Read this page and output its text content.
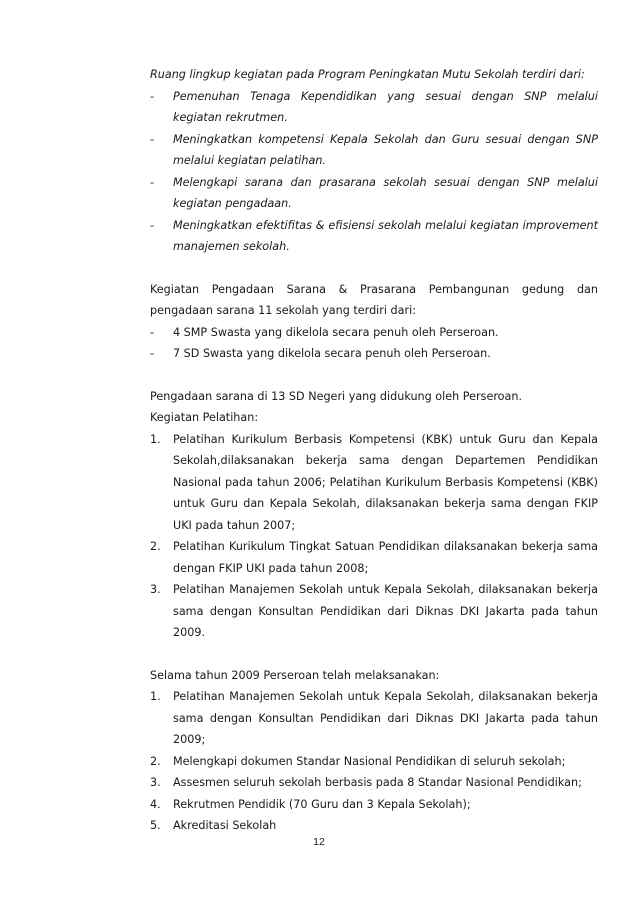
Ruang lingkup kegiatan pada Program Peningkatan Mutu Sekolah terdiri dari:

- Pemenuhan Tenaga Kependidikan yang sesuai dengan SNP melalui kegiatan rekrutmen.
- Meningkatkan kompetensi Kepala Sekolah dan Guru sesuai dengan SNP melalui kegiatan pelatihan.
- Melengkapi sarana dan prasarana sekolah sesuai dengan SNP melalui kegiatan pengadaan.
- Meningkatkan efektifitas & efisiensi sekolah melalui kegiatan improvement manajemen sekolah.

Kegiatan Pengadaan Sarana & Prasarana Pembangunan gedung dan pengadaan sarana 11 sekolah yang terdiri dari:

- 4 SMP Swasta yang dikelola secara penuh oleh Perseroan.
- 7 SD Swasta yang dikelola secara penuh oleh Perseroan.

Pengadaan sarana di 13 SD Negeri yang didukung oleh Perseroan.

Kegiatan Pelatihan:

1. Pelatihan Kurikulum Berbasis Kompetensi (KBK) untuk Guru dan Kepala Sekolah,dilaksanakan bekerja sama dengan Departemen Pendidikan Nasional pada tahun 2006; Pelatihan Kurikulum Berbasis Kompetensi (KBK) untuk Guru dan Kepala Sekolah, dilaksanakan bekerja sama dengan FKIP UKI pada tahun 2007;
2. Pelatihan Kurikulum Tingkat Satuan Pendidikan dilaksanakan bekerja sama dengan FKIP UKI pada tahun 2008;
3. Pelatihan Manajemen Sekolah untuk Kepala Sekolah, dilaksanakan bekerja sama dengan Konsultan Pendidikan dari Diknas DKI Jakarta pada tahun 2009.

Selama tahun 2009 Perseroan telah melaksanakan:

1. Pelatihan Manajemen Sekolah untuk Kepala Sekolah, dilaksanakan bekerja sama dengan Konsultan Pendidikan dari Diknas DKI Jakarta pada tahun 2009;
2. Melengkapi dokumen Standar Nasional Pendidikan di seluruh sekolah;
3. Assesmen seluruh sekolah berbasis pada 8 Standar Nasional Pendidikan;
4. Rekrutmen Pendidik (70 Guru dan 3 Kepala Sekolah);
5. Akreditasi Sekolah
12
